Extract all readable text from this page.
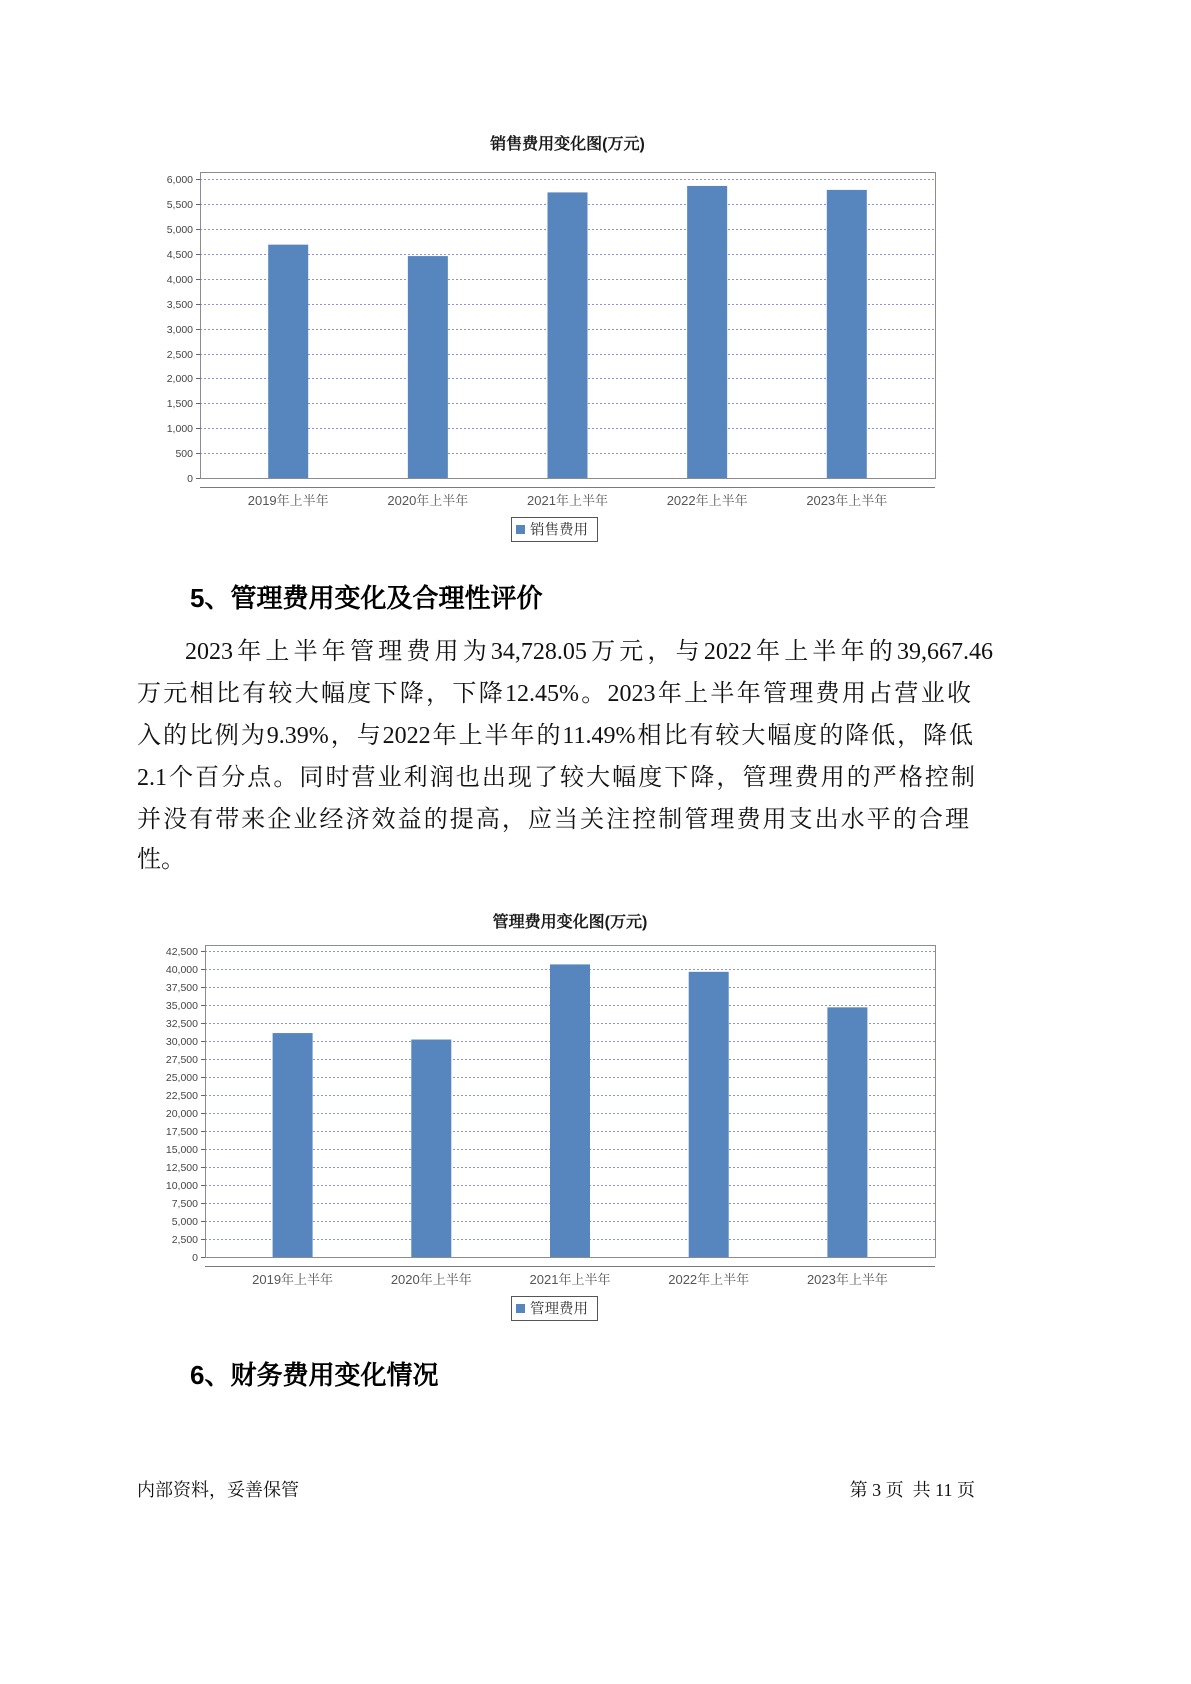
0
500
1,000
1,500
2,000
2,500
3,000
3,500
4,000
4,500
5,000
5,500
6,000
2019年上半年	2020年上半年	2021年上半年	2022年上半年	2023年上半年
销售费用变化图(万元)
销售费用
5、管理费用变化及合理性评价
2023年上半年管理费用为34,728.05万元，与2022年上半年的39,667.46
万元相比有较大幅度下降，下降12.45%。2023年上半年管理费用占营业收
入的比例为9.39%，与2022年上半年的11.49%相比有较大幅度的降低，降低
2.1个百分点。同时营业利润也出现了较大幅度下降，管理费用的严格控制
并没有带来企业经济效益的提高，应当关注控制管理费用支出水平的合理
性。
0
2,500
5,000
7,500
10,000
12,500
15,000
17,500
20,000
22,500
25,000
27,500
30,000
32,500
35,000
37,500
40,000
42,500
2019年上半年	2020年上半年	2021年上半年	2022年上半年	2023年上半年
管理费用变化图(万元)
管理费用
6、财务费用变化情况
内部资料，妥善保管	第 3 页  共 11 页
